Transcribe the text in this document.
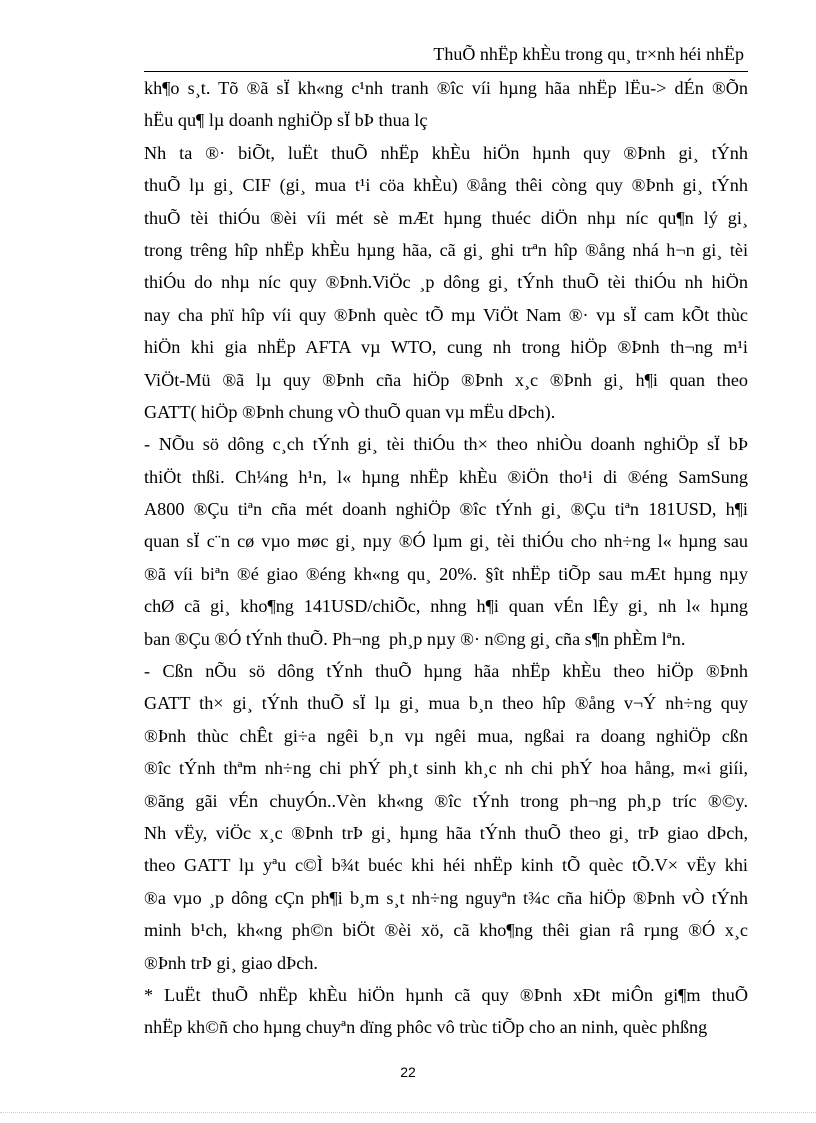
ThuÕ nhËp khÈu trong qu¸ tr×nh héi nhËp
kh¶o s¸t. Tõ ®ã sÏ kh«ng c¹nh tranh ®îc víi hµng hãa nhËp lËu-> dÉn ®Õn
hËu qu¶ lµ doanh nghiÖp sÏ bÞ thua lç
Nh ta ®· biÕt, luËt thuÕ nhËp khÈu hiÖn hµnh quy ®Þnh gi¸ tÝnh
thuÕ lµ gi¸ CIF (gi¸ mua t¹i cöa khÈu) ®ång thêi còng quy ®Þnh gi¸ tÝnh
thuÕ tèi thiÓu ®èi víi mét sè mÆt hµng thuéc diÖn nhµ níc qu¶n lý gi¸
trong trêng hîp nhËp khÈu hµng hãa, cã gi¸ ghi trªn hîp ®ång nhá h¬n gi¸ tèi
thiÓu do nhµ níc quy ®Þnh.ViÖc ¸p dông gi¸ tÝnh thuÕ tèi thiÓu nh hiÖn
nay cha phï hîp víi quy ®Þnh quèc tÕ mµ ViÖt Nam ®· vµ sÏ cam kÕt thùc
hiÖn khi gia nhËp AFTA vµ WTO, cung nh trong hiÖp ®Þnh th¬ng m¹i
ViÖt-Mü ®ã lµ quy ®Þnh cña hiÖp ®Þnh x¸c ®Þnh gi¸ h¶i quan theo
GATT( hiÖp ®Þnh chung vÒ thuÕ quan vµ mËu dÞch).
- NÕu sö dông c¸ch tÝnh gi¸ tèi thiÓu th× theo nhiÒu doanh nghiÖp sÏ bÞ
thiÖt thßi. Ch¼ng h¹n, l« hµng nhËp khÈu ®iÖn tho¹i di ®éng SamSung
A800 ®Çu tiªn cña mét doanh nghiÖp ®îc tÝnh gi¸ ®Çu tiªn 181USD, h¶i
quan sÏ c¨n cø vµo møc gi¸ nµy ®Ó lµm gi¸ tèi thiÓu cho nh÷ng l« hµng sau
®ã víi biªn ®é giao ®éng kh«ng qu¸ 20%. §ît nhËp tiÕp sau mÆt hµng nµy
chØ cã gi¸ kho¶ng 141USD/chiÕc, nhng h¶i quan vÉn lÊy gi¸ nh l« hµng
ban ®Çu ®Ó tÝnh thuÕ. Ph¬ng  ph¸p nµy ®· n©ng gi¸ cña s¶n phÈm lªn.
- Cßn nÕu sö dông tÝnh thuÕ hµng hãa nhËp khÈu theo hiÖp ®Þnh
GATT th× gi¸ tÝnh thuÕ sÏ lµ gi¸ mua b¸n theo hîp ®ång v¬Ý nh÷ng quy
®Þnh thùc chÊt gi÷a ngêi b¸n vµ ngêi mua, ngßai ra doang nghiÖp cßn
®îc tÝnh thªm nh÷ng chi phÝ ph¸t sinh kh¸c nh chi phÝ hoa hång, m«i giíi,
®ãng gãi vÉn chuyÓn..Vèn kh«ng ®îc tÝnh trong ph¬ng ph¸p tríc ®©y.
Nh vËy, viÖc x¸c ®Þnh trÞ gi¸ hµng hãa tÝnh thuÕ theo gi¸ trÞ giao dÞch,
theo GATT lµ yªu c©Ì b¾t buéc khi héi nhËp kinh tÕ quèc tÕ.V× vËy khi
®a vµo ¸p dông cÇn ph¶i b¸m s¸t nh÷ng nguyªn t¾c cña hiÖp ®Þnh vÒ tÝnh
minh b¹ch, kh«ng ph©n biÖt ®èi xö, cã kho¶ng thêi gian râ rµng ®Ó x¸c
®Þnh trÞ gi¸ giao dÞch.
* LuËt thuÕ nhËp khÈu hiÖn hµnh cã quy ®Þnh xÐt miÔn gi¶m thuÕ
nhËp kh©ñ cho hµng chuyªn dïng phôc vô trùc tiÕp cho an ninh, quèc phßng
22
